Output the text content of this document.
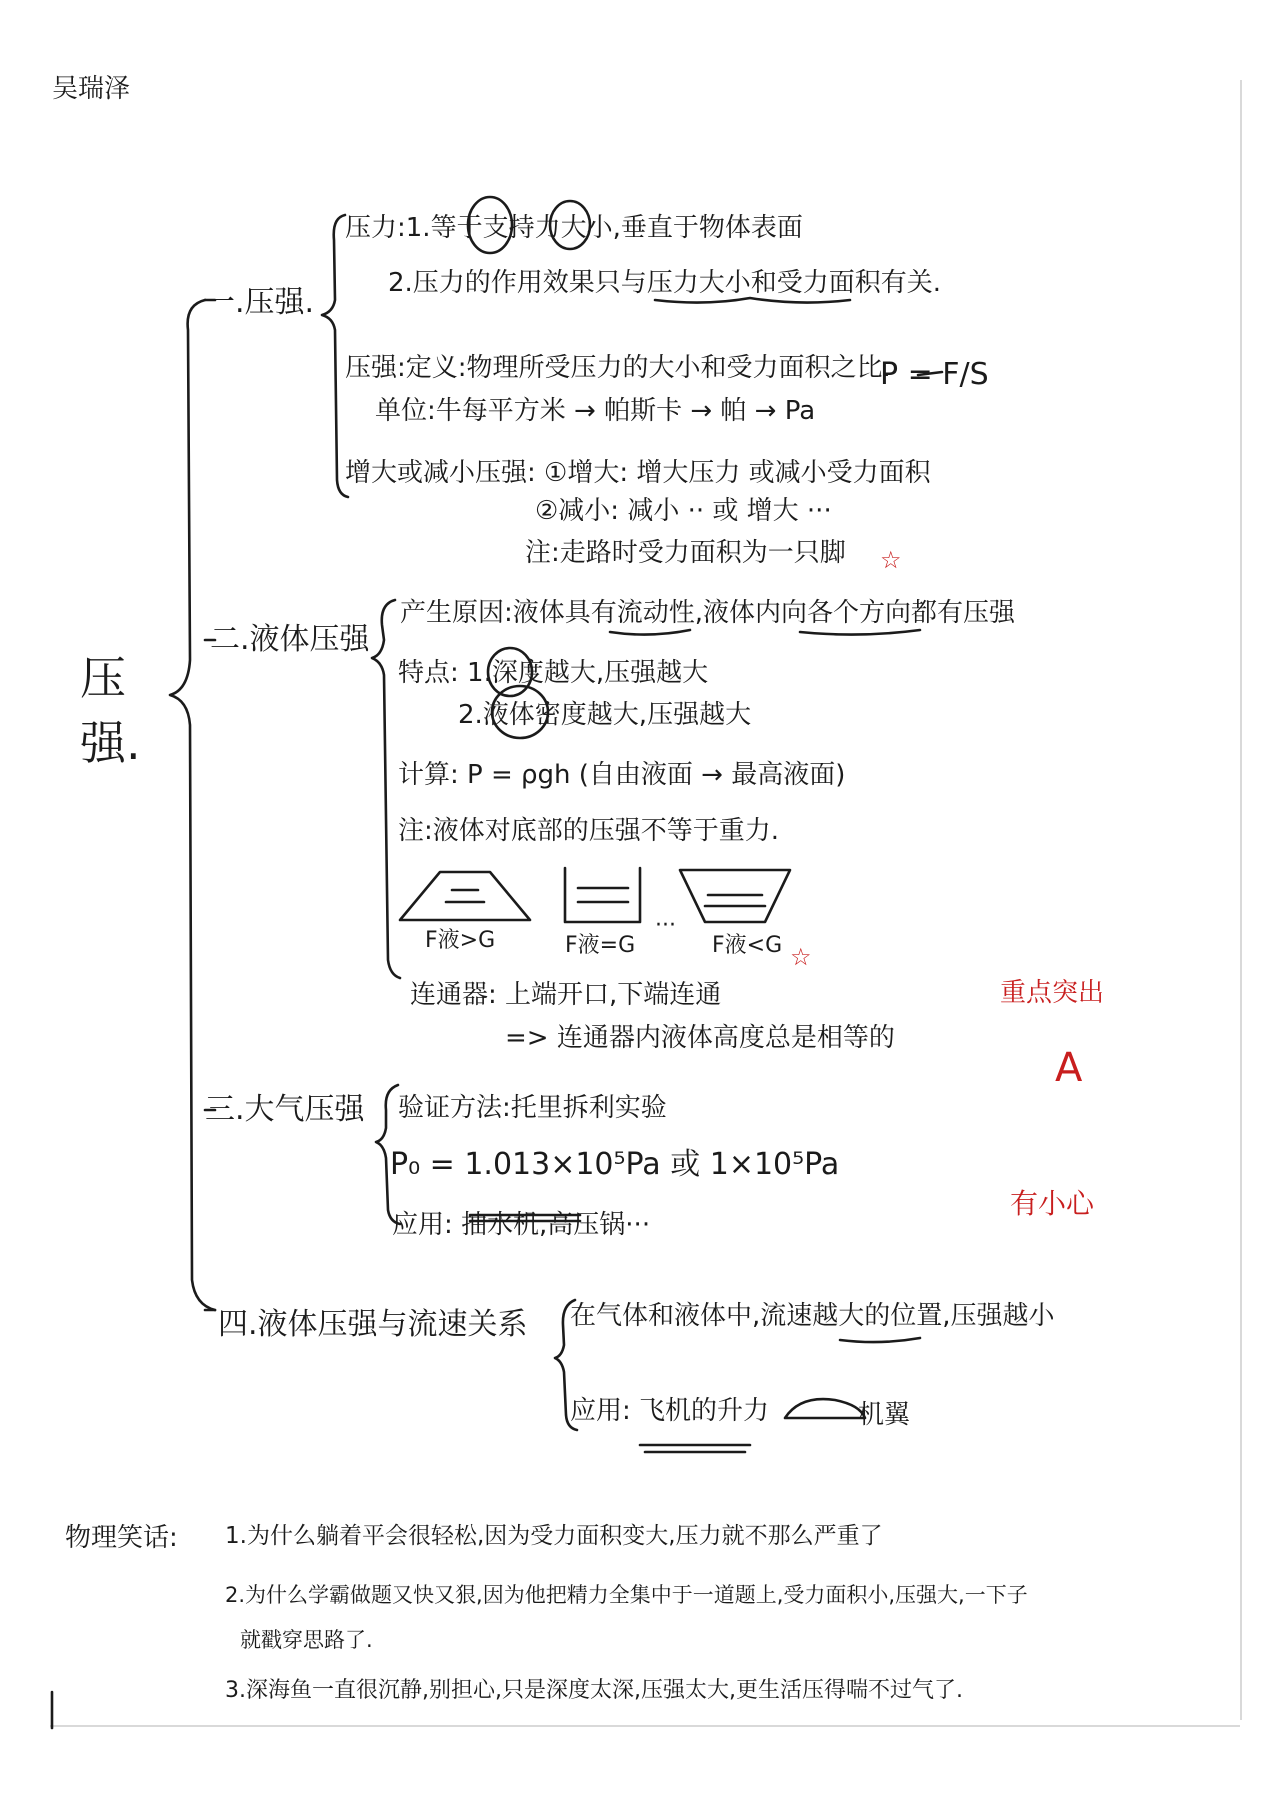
吴瑞泽
压
强.
一.压强.
压力:1.等于支持力大小,垂直于物体表面
2.压力的作用效果只与压力大小和受力面积有关.
压强:定义:物理所受压力的大小和受力面积之比.
P = F/S
单位:牛每平方米 → 帕斯卡 → 帕 → Pa
增大或减小压强: ①增大: 增大压力 或减小受力面积
②减小: 减小 ·· 或 增大 ···
注:走路时受力面积为一只脚 ☆
二.液体压强
产生原因:液体具有流动性,液体内向各个方向都有压强
特点: 1.深度越大,压强越大
2.液体密度越大,压强越大
计算: P = ρgh (自由液面 → 最高液面)
注:液体对底部的压强不等于重力.
F液>G	F液=G
···
F液<G ☆
连通器: 上端开口,下端连通
=> 连通器内液体高度总是相等的
三.大气压强 验证方法:托里拆利实验
P₀ = 1.013×10⁵Pa 或 1×10⁵Pa
应用: 抽水机,高压锅···
四.液体压强与流速关系 在气体和液体中,流速越大的位置,压强越小
应用: 飞机的升力	机翼
重点突出
A
有小心
物理笑话: 1.为什么躺着平会很轻松,因为受力面积变大,压力就不那么严重了
2.为什么学霸做题又快又狠,因为他把精力全集中于一道题上,受力面积小,压强大,一下子
就戳穿思路了.
3.深海鱼一直很沉静,别担心,只是深度太深,压强太大,更生活压得喘不过气了.
